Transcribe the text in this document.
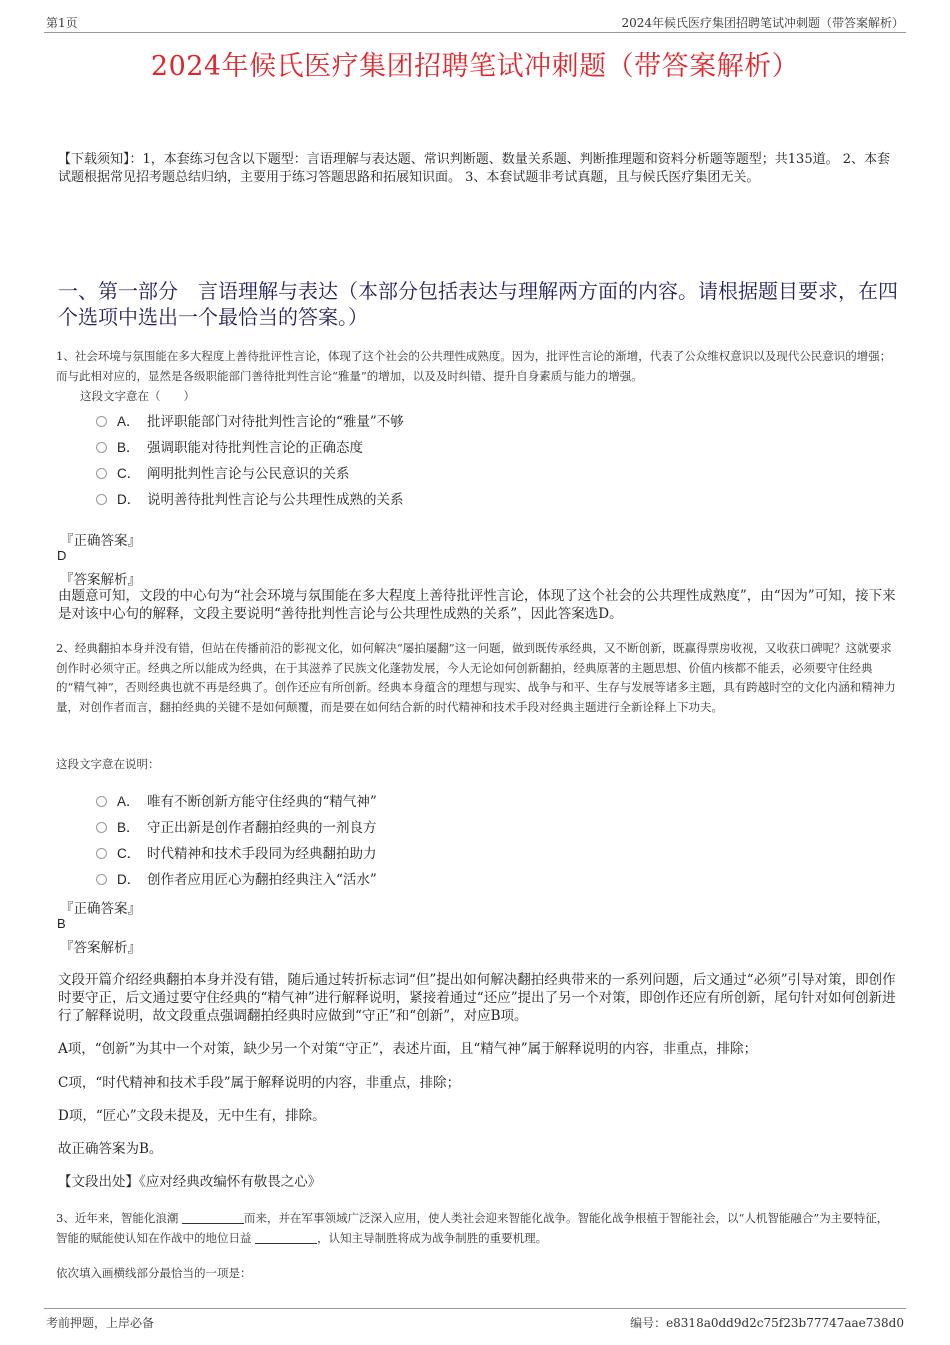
第1页	2024年候氏医疗集团招聘笔试冲刺题（带答案解析）
2024年候氏医疗集团招聘笔试冲刺题（带答案解析）
【下载须知】：1，本套练习包含以下题型：言语理解与表达题、常识判断题、数量关系题、判断推理题和资料分析题等题型；共135道。 2、本套试题根据常见招考题总结归纳，主要用于练习答题思路和拓展知识面。 3、本套试题非考试真题，且与候氏医疗集团无关。
一、第一部分　言语理解与表达（本部分包括表达与理解两方面的内容。请根据题目要求，在四个选项中选出一个最恰当的答案。）
1、社会环境与氛围能在多大程度上善待批评性言论，体现了这个社会的公共理性成熟度。因为，批评性言论的渐增，代表了公众维权意识以及现代公民意识的增强；而与此相对应的，显然是各级职能部门善待批判性言论“雅量”的增加，以及及时纠错、提升自身素质与能力的增强。
这段文字意在（　　）
A． 批评职能部门对待批判性言论的“雅量”不够
B． 强调职能对待批判性言论的正确态度
C． 阐明批判性言论与公民意识的关系
D． 说明善待批判性言论与公共理性成熟的关系
『正确答案』
D
『答案解析』
由题意可知，文段的中心句为“社会环境与氛围能在多大程度上善待批评性言论，体现了这个社会的公共理性成熟度”，由“因为”可知，接下来是对该中心句的解释，文段主要说明“善待批判性言论与公共理性成熟的关系”，因此答案选D。
2、经典翻拍本身并没有错，但站在传播前沿的影视文化，如何解决“屡拍屡翻”这一问题，做到既传承经典，又不断创新，既赢得票房收视，又收获口碑呢？这就要求创作时必须守正。经典之所以能成为经典，在于其滋养了民族文化蓬勃发展，今人无论如何创新翻拍，经典原著的主题思想、价值内核都不能丢，必须要守住经典的“精气神”，否则经典也就不再是经典了。创作还应有所创新。经典本身蕴含的理想与现实、战争与和平、生存与发展等诸多主题，具有跨越时空的文化内涵和精神力量，对创作者而言，翻拍经典的关键不是如何颠覆，而是要在如何结合新的时代精神和技术手段对经典主题进行全新诠释上下功夫。
这段文字意在说明：
A． 唯有不断创新方能守住经典的“精气神”
B． 守正出新是创作者翻拍经典的一剂良方
C． 时代精神和技术手段同为经典翻拍助力
D． 创作者应用匠心为翻拍经典注入“活水”
『正确答案』
B
『答案解析』
文段开篇介绍经典翻拍本身并没有错，随后通过转折标志词“但”提出如何解决翻拍经典带来的一系列问题，后文通过“必须”引导对策，即创作时要守正，后文通过要守住经典的“精气神”进行解释说明，紧接着通过“还应”提出了另一个对策，即创作还应有所创新，尾句针对如何创新进行了解释说明，故文段重点强调翻拍经典时应做到“守正”和“创新”，对应B项。
A项，“创新”为其中一个对策，缺少另一个对策“守正”，表述片面，且“精气神”属于解释说明的内容，非重点，排除；
C项，“时代精神和技术手段”属于解释说明的内容，非重点，排除；
D项，“匠心”文段未提及，无中生有，排除。
故正确答案为B。
【文段出处】《应对经典改编怀有敬畏之心》
3、近年来，智能化浪潮	而来，并在军事领域广泛深入应用，使人类社会迎来智能化战争。智能化战争根植于智能社会，以“人机智能融合”为主要特征，智能的赋能使认知在作战中的地位日益	，认知主导制胜将成为战争制胜的重要机理。
依次填入画横线部分最恰当的一项是：
考前押题，上岸必备	编号：e8318a0dd9d2c75f23b77747aae738d0
